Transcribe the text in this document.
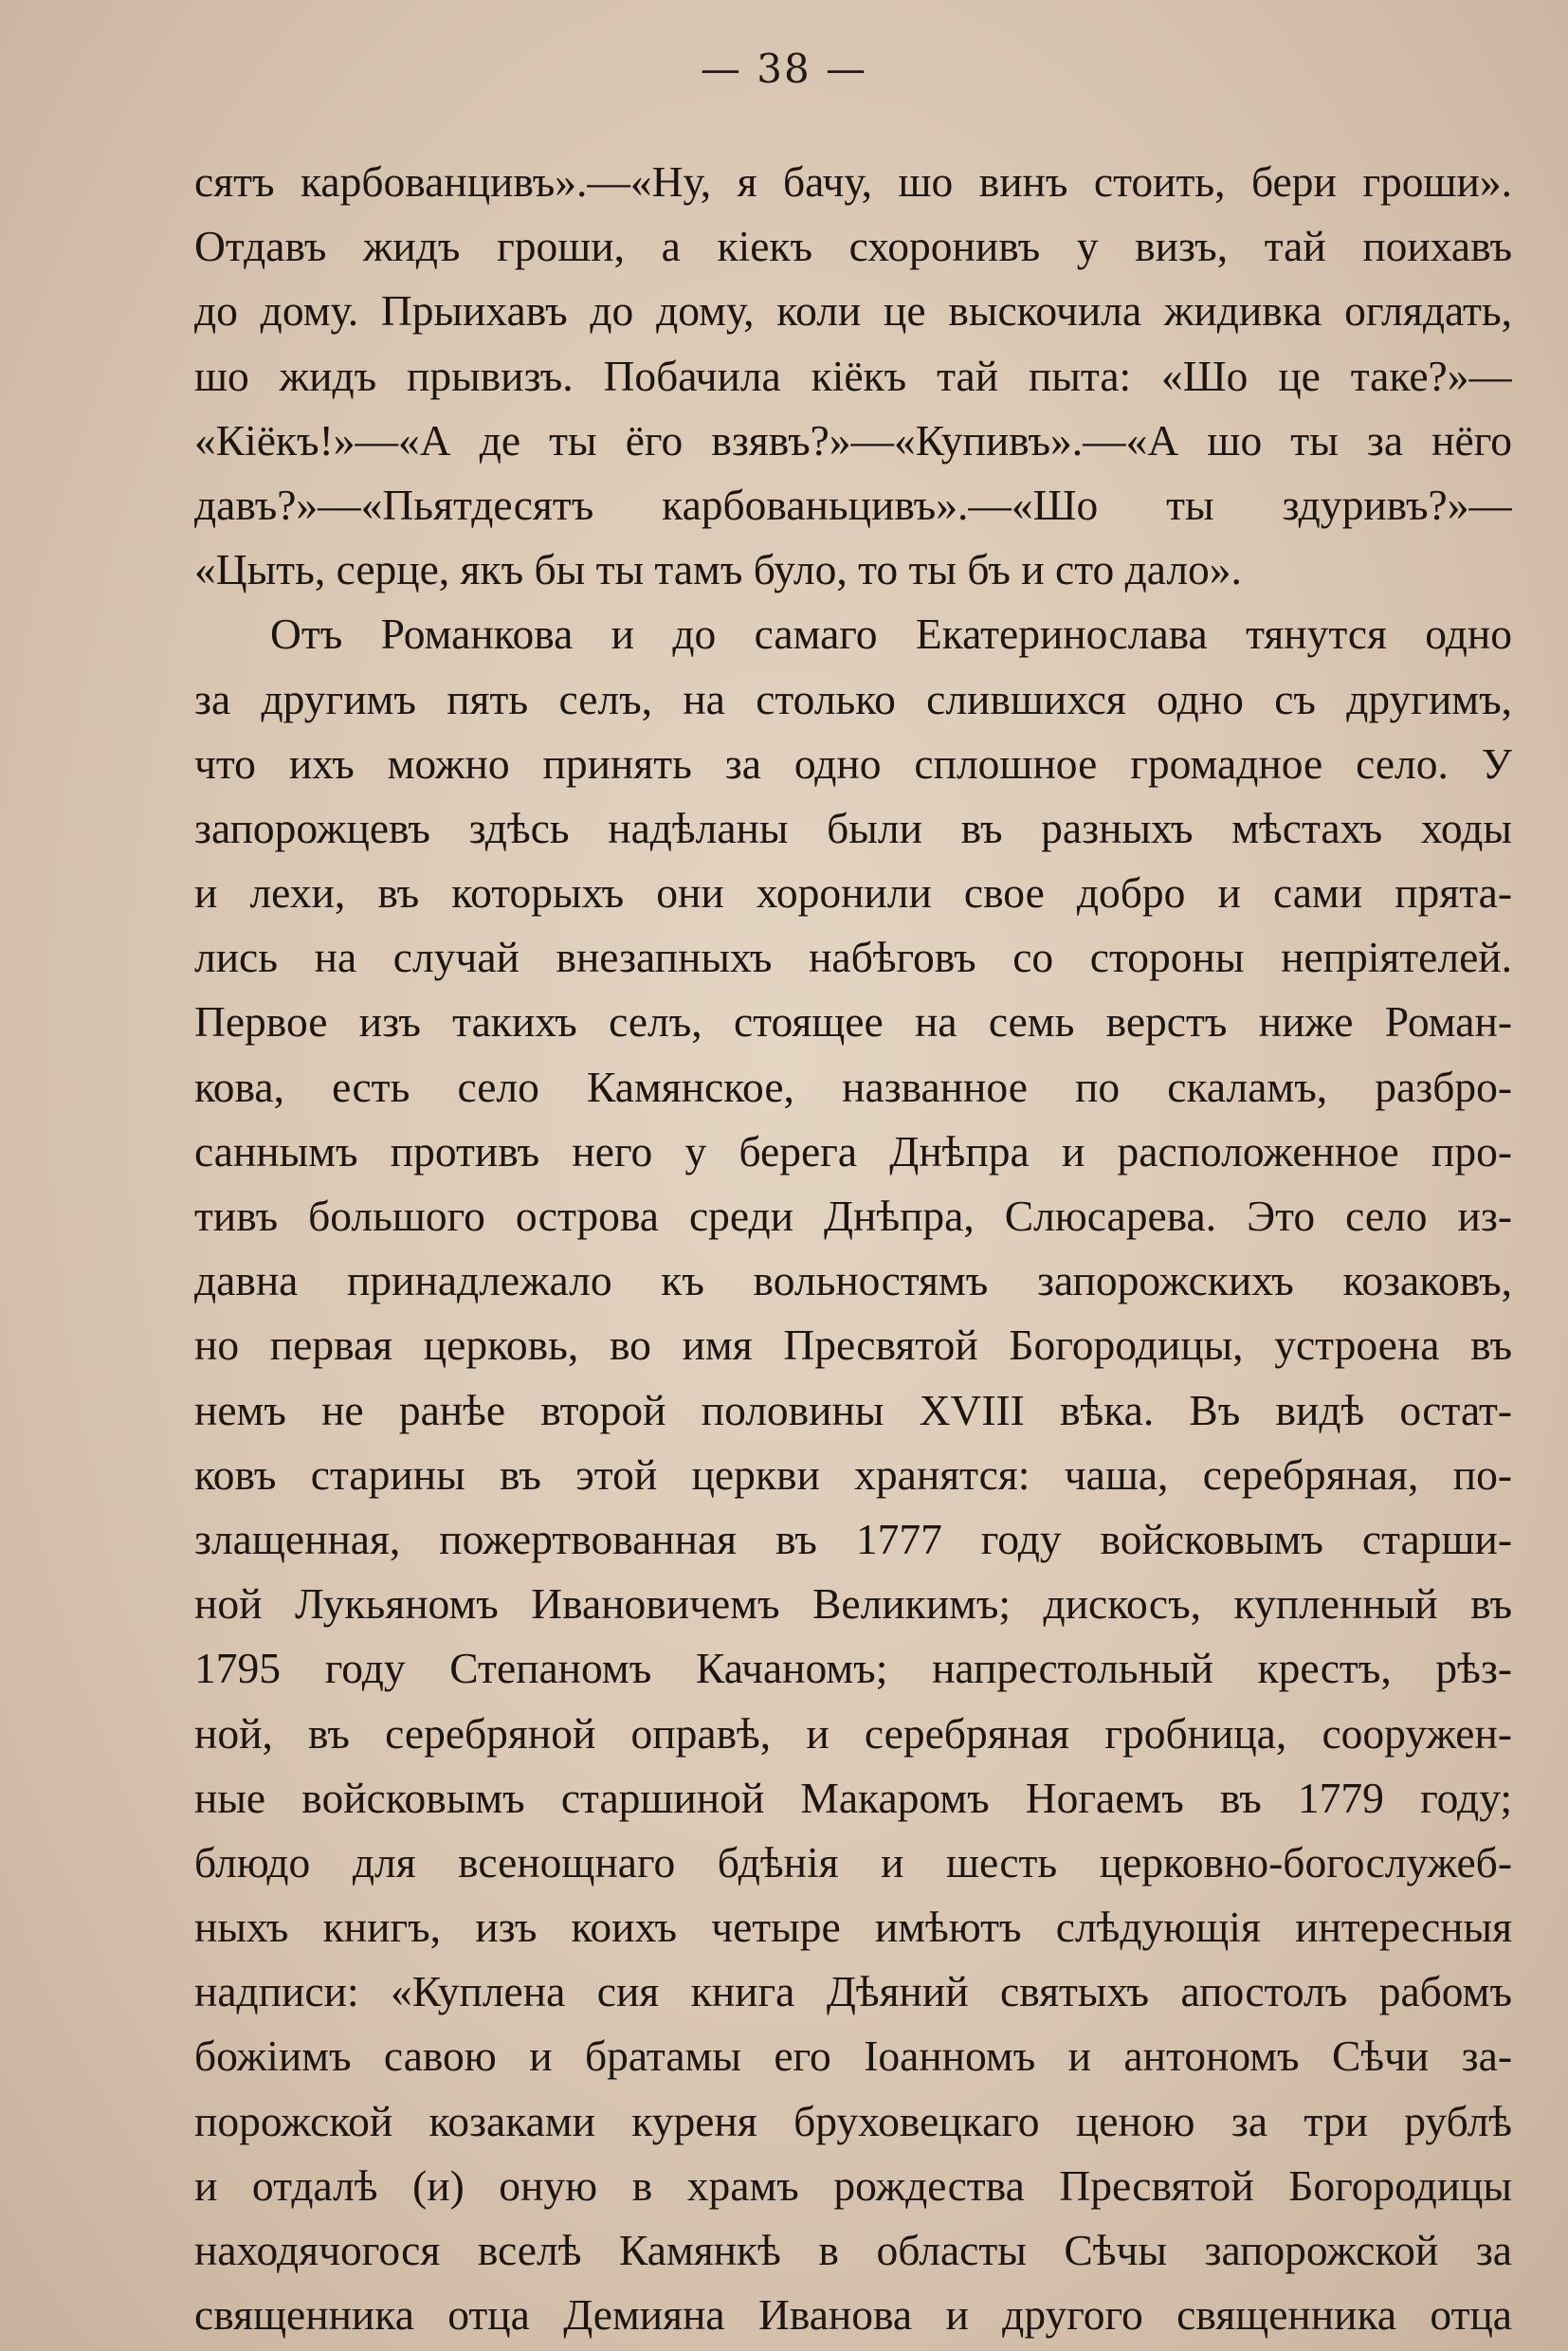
— 38 —
сятъ карбованцивъ».—«Ну, я бачу, шо винъ стоить, бери гроши».
Отдавъ жидъ гроши, а кiекъ схоронивъ у визъ, тай поихавъ
до дому. Прыихавъ до дому, коли це выскочила жидивка оглядать,
шо жидъ прывизъ. Побачила кiёкъ тай пыта: «Шо це таке?»—
«Кiёкъ!»—«А де ты ёго взявъ?»—«Купивъ».—«А шо ты за нёго
давъ?»—«Пьятдесятъ карбованьцивъ».—«Шо ты здуривъ?»—
«Цыть, серце, якъ бы ты тамъ було, то ты бъ и сто дало».
Отъ Романкова и до самаго Екатеринослава тянутся одно
за другимъ пять селъ, на столько слившихся одно съ другимъ,
что ихъ можно принять за одно сплошное громадное село. У
запорожцевъ здѣсь надѣланы были въ разныхъ мѣстахъ ходы
и лехи, въ которыхъ они хоронили свое добро и сами прята-
лись на случай внезапныхъ набѣговъ со стороны непрiятелей.
Первое изъ такихъ селъ, стоящее на семь верстъ ниже Роман-
кова, есть село Камянское, названное по скаламъ, разбро-
саннымъ противъ него у берега Днѣпра и расположенное про-
тивъ большого острова среди Днѣпра, Слюсарева. Это село из-
давна принадлежало къ вольностямъ запорожскихъ козаковъ,
но первая церковь, во имя Пресвятой Богородицы, устроена въ
немъ не ранѣе второй половины XVIII вѣка. Въ видѣ остат-
ковъ старины въ этой церкви хранятся: чаша, серебряная, по-
злащенная, пожертвованная въ 1777 году войсковымъ старши-
ной Лукьяномъ Ивановичемъ Великимъ; дискосъ, купленный въ
1795 году Степаномъ Качаномъ; напрестольный крестъ, рѣз-
ной, въ серебряной оправѣ, и серебряная гробница, сооружен-
ные войсковымъ старшиной Макаромъ Ногаемъ въ 1779 году;
блюдо для всенощнаго бдѣнiя и шесть церковно-богослужеб-
ныхъ книгъ, изъ коихъ четыре имѣютъ слѣдующiя интересныя
надписи: «Куплена сия книга Дѣяний святыхъ апостолъ рабомъ
божiимъ савою и братамы его Iоанномъ и антономъ Сѣчи за-
порожской козаками куреня бруховецкаго ценою за три рублѣ
и отдалѣ (и) оную в храмъ рождества Пресвятой Богородицы
находячогося вселѣ Камянкѣ в областы Сѣчы запорожской за
священника отца Демияна Иванова и другого священника отца
